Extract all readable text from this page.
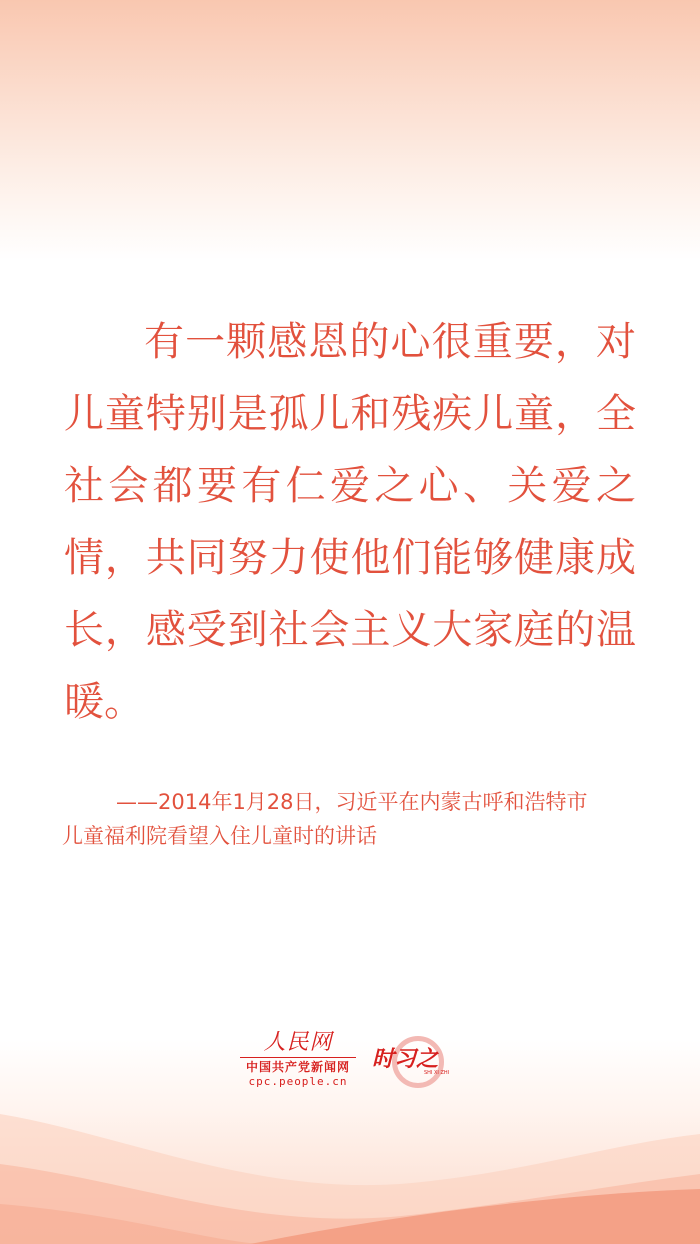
有一颗感恩的心很重要，对
儿童特别是孤儿和残疾儿童，全
社会都要有仁爱之心、关爱之
情，共同努力使他们能够健康成
长，感受到社会主义大家庭的温
暖。
——2014年1月28日，习近平在内蒙古呼和浩特市
儿童福利院看望入住儿童时的讲话
人民网
中国共产党新闻网
cpc.people.cn
时习之
SHI XI ZHI
